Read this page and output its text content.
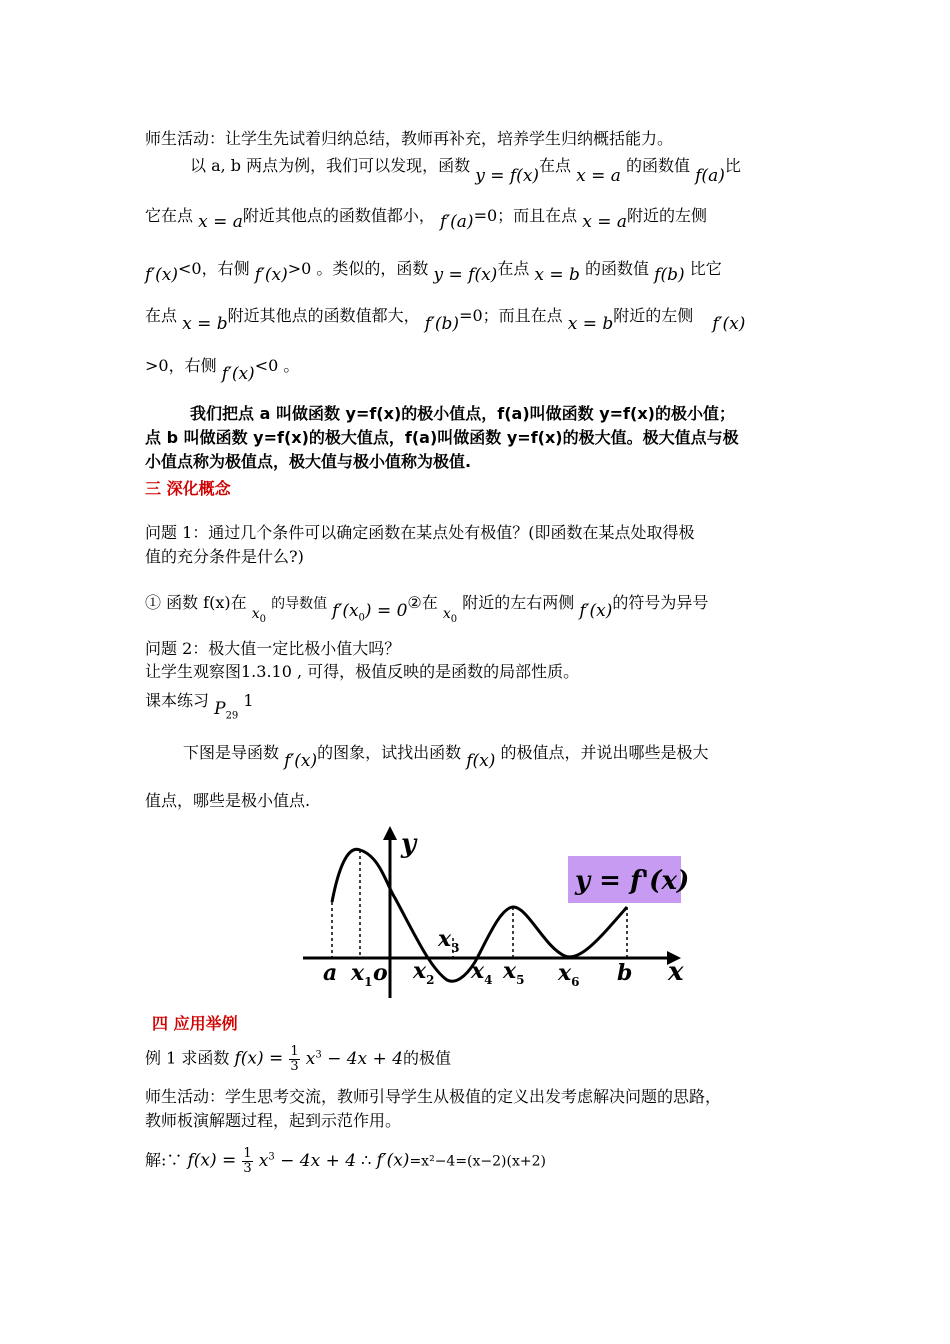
师生活动：让学生先试着归纳总结，教师再补充，培养学生归纳概括能力。
以 a, b 两点为例，我们可以发现，函数 y = f(x)在点 x = a 的函数值 f(a)比
它在点 x = a附近其他点的函数值都小， f′(a)=0；而且在点 x = a附近的左侧
f′(x)<0，右侧 f′(x)>0 。类似的，函数 y = f(x)在点 x = b 的函数值 f(b) 比它
在点 x = b附近其他点的函数值都大， f′(b)=0；而且在点 x = b附近的左侧 f′(x)
>0，右侧 f′(x)<0 。
我们把点 a 叫做函数 y=f(x)的极小值点，f(a)叫做函数 y=f(x)的极小值；
点 b 叫做函数 y=f(x)的极大值点，f(a)叫做函数 y=f(x)的极大值。极大值点与极
小值点称为极值点，极大值与极小值称为极值.
三 深化概念
问题 1：通过几个条件可以确定函数在某点处有极值？(即函数在某点处取得极
值的充分条件是什么?)
① 函数 f(x)在 $x_0$ 的导数值 $f'(x_0)$ = 0②在 $x_0$ 附近的左右两侧 f′(x)的符号为异号
问题 2：极大值一定比极小值大吗？
让学生观察图1.3.10 , 可得，极值反映的是函数的局部性质。
课本练习 $P_{29}$ 1
下图是导函数 f′(x)的图象，试找出函数 f(x) 的极值点，并说出哪些是极大
值点，哪些是极小值点.
y = f'(x)
y
x
o
a $x_1$ $x_2$
$x_3$
$x_4$ $x_5$ $x_6$ b
四 应用举例
例 1 求函数 $f(x) = \frac{1}{3} x^3 - 4x + 4$的极值
师生活动：学生思考交流，教师引导学生从极值的定义出发考虑解决问题的思路，
教师板演解题过程，起到示范作用。
解:∵ $f(x) = \frac{1}{3} x^3 - 4x + 4$ ∴ f′(x)=x²−4=(x−2)(x+2)
